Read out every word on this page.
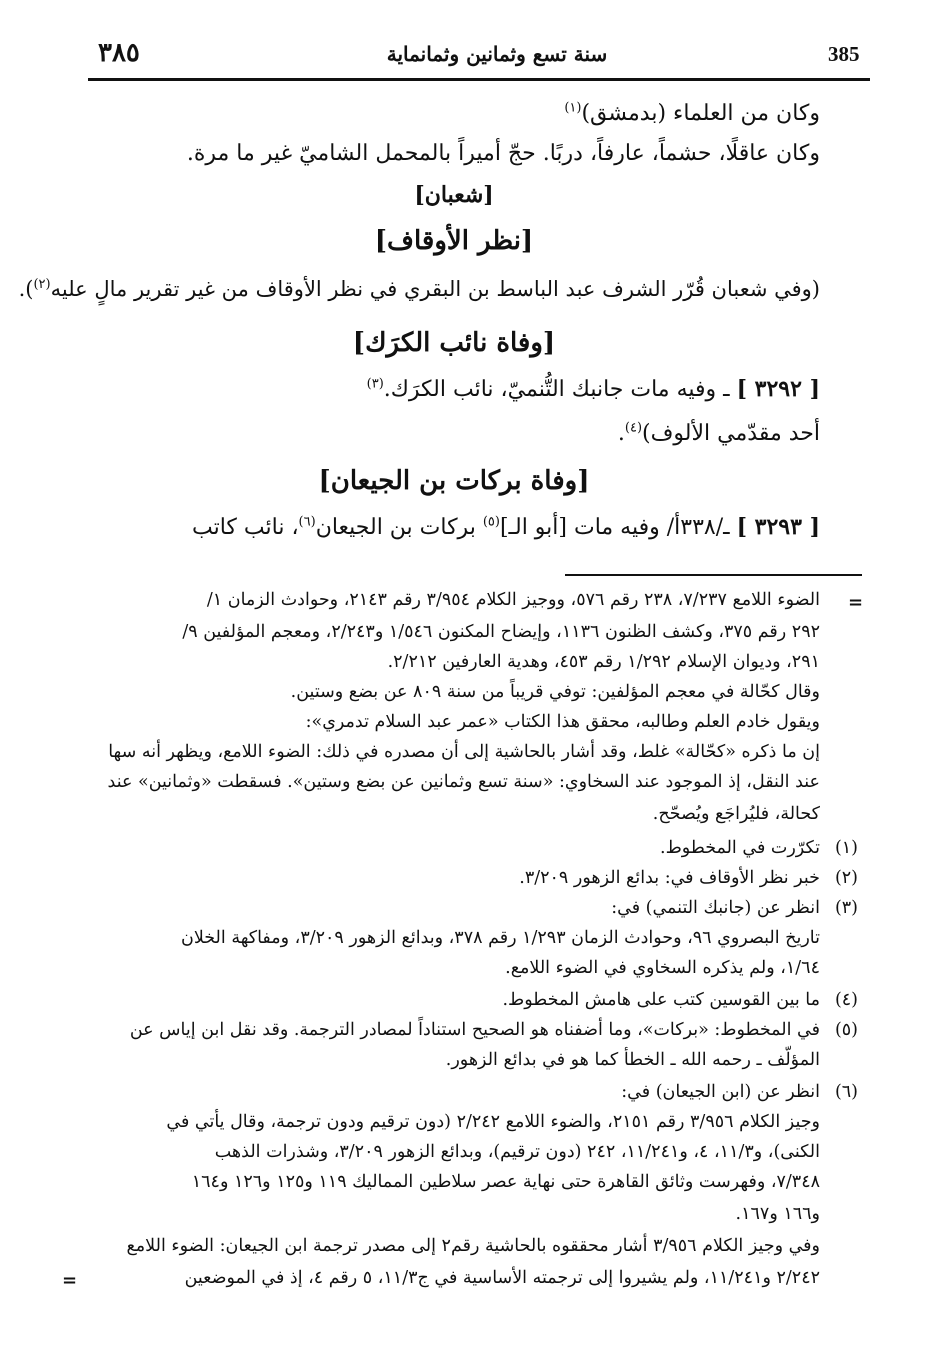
٣٨٥	سنة تسع وثمانين وثمانماية	385
وكان من العلماء (بدمشق)$^{(١)}$
وكان عاقلًا، حشماً، عارفاً، دربًا. حجّ أميراً بالمحمل الشاميّ غير ما مرة.
(وفي شعبان قُرّر الشرف عبد الباسط بن البقري في نظر الأوقاف من غير تقرير مالٍ عليه$^{(٢)}$).
[ ٣٢٩٢ ] ـ وفيه مات جانبك التُّنميّ، نائب الكرَك.$^{(٣)}$
أحد مقدّمي الألوف)$^{(٤)}$.
[ ٣٢٩٣ ] ـ/٣٣٨أ/ وفيه مات [أبو الـ]$^{(٥)}$ بركات بن الجيعان$^{(٦)}$، نائب كاتب
[شعبان]
[نظر الأوقاف]
[وفاة نائب الكرَك]
[وفاة بركات بن الجيعان]
=
الضوء اللامع ٧/٢٣٧، ٢٣٨ رقم ٥٧٦، ووجيز الكلام ٣/٩٥٤ رقم ٢١٤٣، وحوادث الزمان ١/
٢٩٢ رقم ٣٧٥، وكشف الظنون ١١٣٦، وإيضاح المكنون ١/٥٤٦ و٢/٢٤٣، ومعجم المؤلفين ٩/
٢٩١، وديوان الإسلام ١/٢٩٢ رقم ٤٥٣، وهدية العارفين ٢/٢١٢.
وقال كحّالة في معجم المؤلفين: توفي قريباً من سنة ٨٠٩ عن بضع وستين.
ويقول خادم العلم وطالبه، محقق هذا الكتاب «عمر عبد السلام تدمري»:
إن ما ذكره «كحّالة» غلط، وقد أشار بالحاشية إلى أن مصدره في ذلك: الضوء اللامع، ويظهر أنه سها
عند النقل، إذ الموجود عند السخاوي: «سنة تسع وثمانين عن بضع وستين». فسقطت «وثمانين» عند
كحالة، فليُراجَع ويُصحّح.
(١)
تكرّرت في المخطوط.
(٢)
خبر نظر الأوقاف في: بدائع الزهور ٣/٢٠٩.
(٣)
انظر عن (جانبك التنمي) في:
تاريخ البصروي ٩٦، وحوادث الزمان ١/٢٩٣ رقم ٣٧٨، وبدائع الزهور ٣/٢٠٩، ومفاكهة الخلان
١/٦٤، ولم يذكره السخاوي في الضوء اللامع.
(٤)
ما بين القوسين كتب على هامش المخطوط.
(٥)
في المخطوط: «بركات»، وما أضفناه هو الصحيح استناداً لمصادر الترجمة. وقد نقل ابن إياس عن
المؤلّف ـ رحمه الله ـ الخطأ كما هو في بدائع الزهور.
(٦)
انظر عن (ابن الجيعان) في:
وجيز الكلام ٣/٩٥٦ رقم ٢١٥١، والضوء اللامع ٢/٢٤٢ (دون ترقيم ودون ترجمة، وقال يأتي في
الكنى)، و١١/٣، ٤، و١١/٢٤١، ٢٤٢ (دون ترقيم)، وبدائع الزهور ٣/٢٠٩، وشذرات الذهب
٧/٣٤٨، وفهرست وثائق القاهرة حتى نهاية عصر سلاطين المماليك ١١٩ و١٢٥ و١٢٦ و١٦٤
و١٦٦ و١٦٧.
وفي وجيز الكلام ٣/٩٥٦ أشار محققوه بالحاشية رقم٢ إلى مصدر ترجمة ابن الجيعان: الضوء اللامع
٢/٢٤٢ و١١/٢٤١، ولم يشيروا إلى ترجمته الأساسية في ج١١/٣، ٥ رقم ٤، إذ في الموضعين
=
